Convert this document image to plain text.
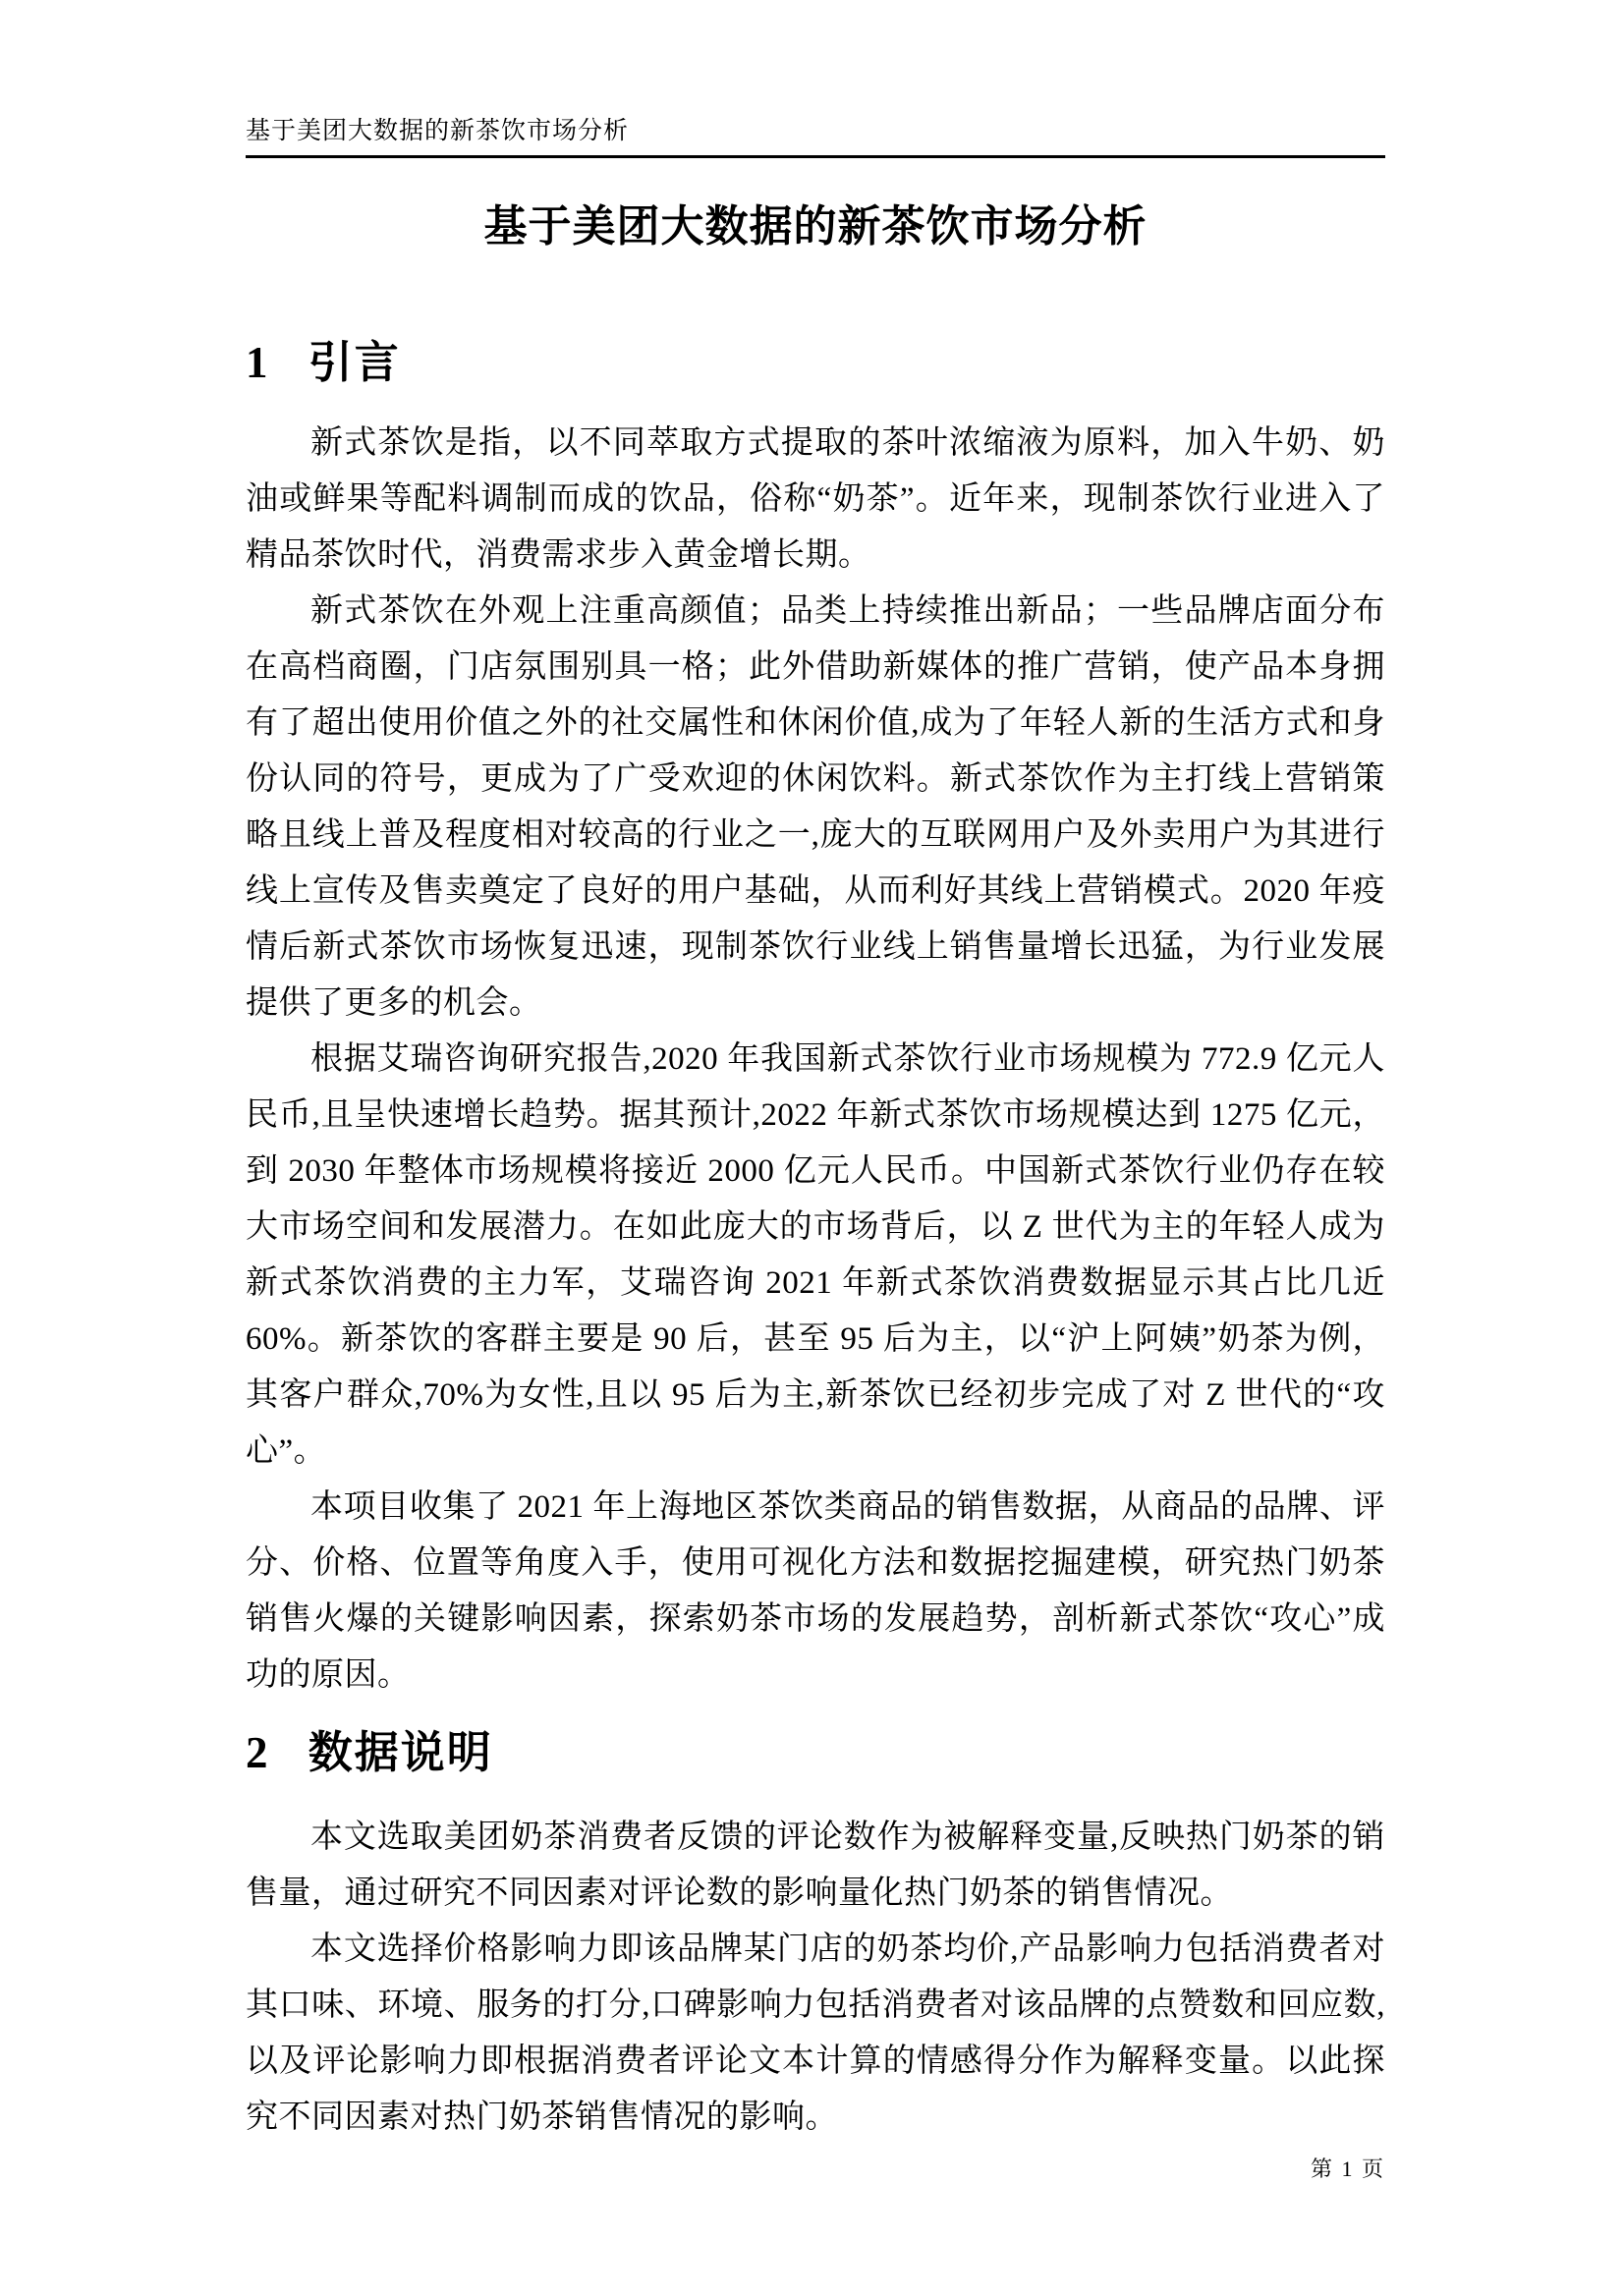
基于美团大数据的新茶饮市场分析
基于美团大数据的新茶饮市场分析
1 引言

新式茶饮是指，以不同萃取方式提取的茶叶浓缩液为原料，加入牛奶、奶油或鲜果等配料调制而成的饮品，俗称“奶茶”。近年来，现制茶饮行业进入了精品茶饮时代，消费需求步入黄金增长期。

新式茶饮在外观上注重高颜值；品类上持续推出新品；一些品牌店面分布在高档商圈，门店氛围别具一格；此外借助新媒体的推广营销，使产品本身拥有了超出使用价值之外的社交属性和休闲价值,成为了年轻人新的生活方式和身份认同的符号，更成为了广受欢迎的休闲饮料。新式茶饮作为主打线上营销策略且线上普及程度相对较高的行业之一,庞大的互联网用户及外卖用户为其进行线上宣传及售卖奠定了良好的用户基础，从而利好其线上营销模式。2020 年疫情后新式茶饮市场恢复迅速，现制茶饮行业线上销售量增长迅猛，为行业发展提供了更多的机会。

根据艾瑞咨询研究报告,2020 年我国新式茶饮行业市场规模为 772.9 亿元人民币,且呈快速增长趋势。据其预计,2022 年新式茶饮市场规模达到 1275 亿元，到 2030 年整体市场规模将接近 2000 亿元人民币。中国新式茶饮行业仍存在较大市场空间和发展潜力。在如此庞大的市场背后，以 Z 世代为主的年轻人成为新式茶饮消费的主力军，艾瑞咨询 2021 年新式茶饮消费数据显示其占比几近 60%。新茶饮的客群主要是 90 后，甚至 95 后为主，以“沪上阿姨”奶茶为例，其客户群众,70%为女性,且以 95 后为主,新茶饮已经初步完成了对 Z 世代的“攻心”。

本项目收集了 2021 年上海地区茶饮类商品的销售数据，从商品的品牌、评分、价格、位置等角度入手，使用可视化方法和数据挖掘建模，研究热门奶茶销售火爆的关键影响因素，探索奶茶市场的发展趋势，剖析新式茶饮“攻心”成功的原因。

2 数据说明

本文选取美团奶茶消费者反馈的评论数作为被解释变量,反映热门奶茶的销售量，通过研究不同因素对评论数的影响量化热门奶茶的销售情况。

本文选择价格影响力即该品牌某门店的奶茶均价,产品影响力包括消费者对其口味、环境、服务的打分,口碑影响力包括消费者对该品牌的点赞数和回应数,以及评论影响力即根据消费者评论文本计算的情感得分作为解释变量。以此探究不同因素对热门奶茶销售情况的影响。

第 1 页
